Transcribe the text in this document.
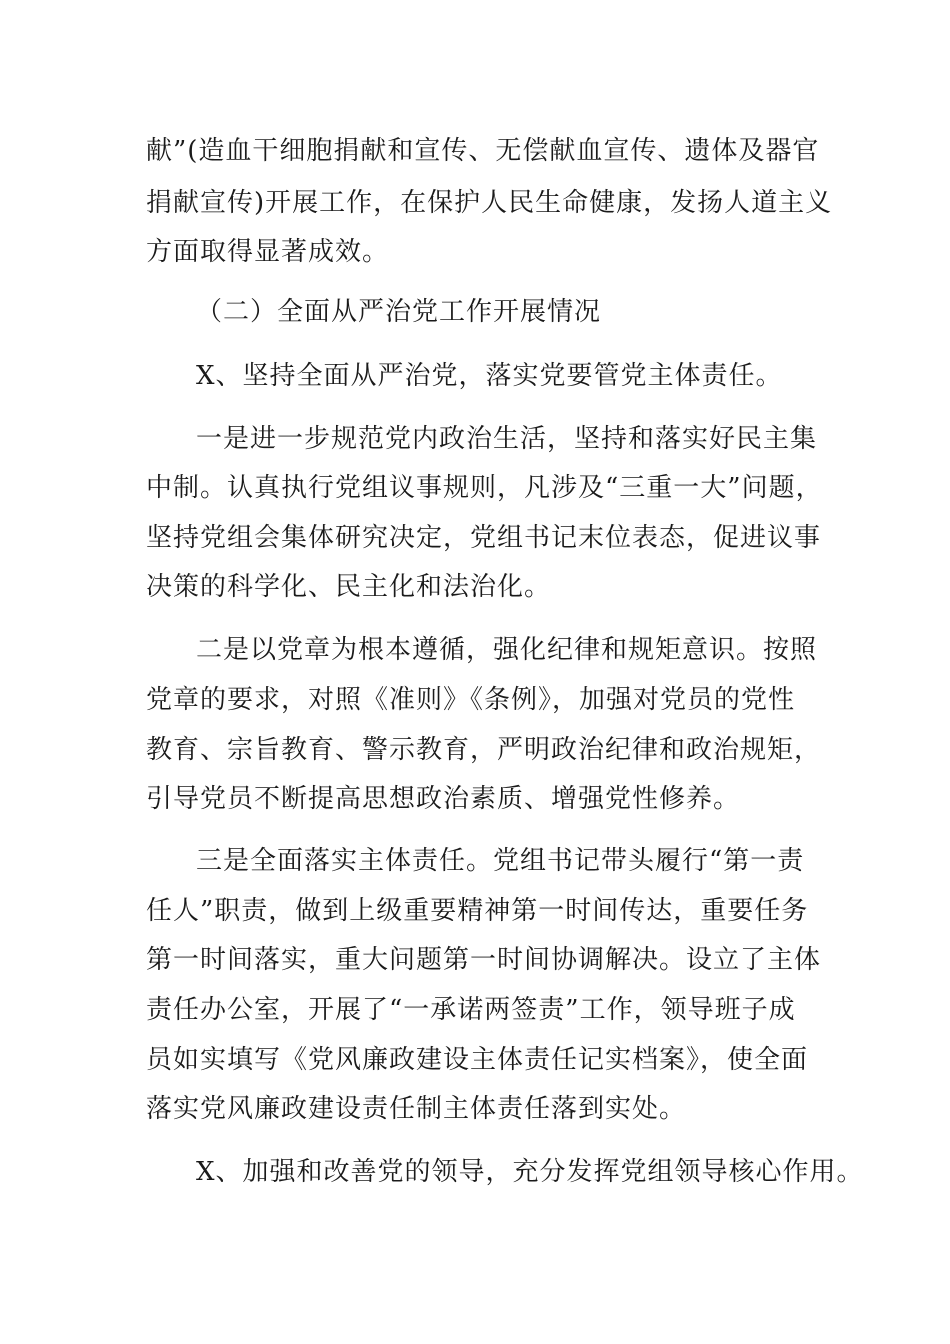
献”(造血干细胞捐献和宣传、无偿献血宣传、遗体及器官
捐献宣传)开展工作，在保护人民生命健康，发扬人道主义
方面取得显著成效。
（二）全面从严治党工作开展情况
X、坚持全面从严治党，落实党要管党主体责任。
一是进一步规范党内政治生活，坚持和落实好民主集
中制。认真执行党组议事规则，凡涉及“三重一大”问题，
坚持党组会集体研究决定，党组书记末位表态，促进议事
决策的科学化、民主化和法治化。
二是以党章为根本遵循，强化纪律和规矩意识。按照
党章的要求，对照《准则》《条例》，加强对党员的党性
教育、宗旨教育、警示教育，严明政治纪律和政治规矩，
引导党员不断提高思想政治素质、增强党性修养。
三是全面落实主体责任。党组书记带头履行“第一责
任人”职责，做到上级重要精神第一时间传达，重要任务
第一时间落实，重大问题第一时间协调解决。设立了主体
责任办公室，开展了“一承诺两签责”工作，领导班子成
员如实填写《党风廉政建设主体责任记实档案》，使全面
落实党风廉政建设责任制主体责任落到实处。
X、加强和改善党的领导，充分发挥党组领导核心作用。
